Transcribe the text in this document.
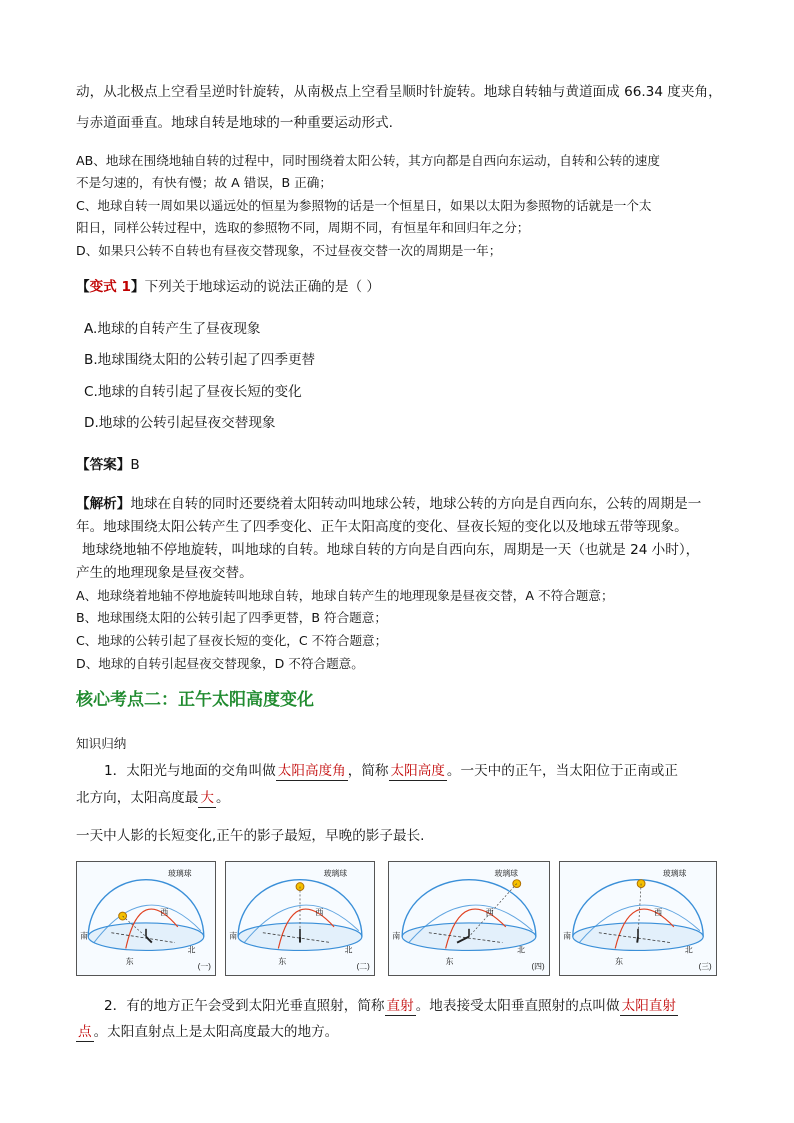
动，从北极点上空看呈逆时针旋转，从南极点上空看呈顺时针旋转。地球自转轴与黄道面成 66.34 度夹角，
与赤道面垂直。地球自转是地球的一种重要运动形式.
AB、地球在围绕地轴自转的过程中，同时围绕着太阳公转，其方向都是自西向东运动，自转和公转的速度
不是匀速的，有快有慢；故 A 错误，B 正确；
C、地球自转一周如果以遥远处的恒星为参照物的话是一个恒星日，如果以太阳为参照物的话就是一个太
阳日，同样公转过程中，选取的参照物不同，周期不同，有恒星年和回归年之分；
D、如果只公转不自转也有昼夜交替现象，不过昼夜交替一次的周期是一年；
【变式 1】下列关于地球运动的说法正确的是（ ）
A.地球的自转产生了昼夜现象
B.地球围绕太阳的公转引起了四季更替
C.地球的自转引起了昼夜长短的变化
D.地球的公转引起昼夜交替现象
【答案】B
【解析】地球在自转的同时还要绕着太阳转动叫地球公转，地球公转的方向是自西向东，公转的周期是一
年。地球围绕太阳公转产生了四季变化、正午太阳高度的变化、昼夜长短的变化以及地球五带等现象。
地球绕地轴不停地旋转，叫地球的自转。地球自转的方向是自西向东，周期是一天（也就是 24 小时），
产生的地理现象是昼夜交替。
A、地球绕着地轴不停地旋转叫地球自转，地球自转产生的地理现象是昼夜交替，A 不符合题意；
B、地球围绕太阳的公转引起了四季更替，B 符合题意；
C、地球的公转引起了昼夜长短的变化，C 不符合题意；
D、地球的自转引起昼夜交替现象，D 不符合题意。
核心考点二：正午太阳高度变化
知识归纳
1．太阳光与地面的交角叫做 太阳高度角 ，简称 太阳高度 。一天中的正午，当太阳位于正南或正
北方向，太阳高度最 大 。
一天中人影的长短变化,正午的影子最短，早晚的影子最长.
玻璃球
西
南
东
北
(一)
玻璃球
西
南
东
北
(二)
玻璃球
西
南
东
北
(四)
玻璃球
西
南
东
北
(三)
2．有的地方正午会受到太阳光垂直照射，简称 直射 。地表接受太阳垂直照射的点叫做 太阳直射
点 。太阳直射点上是太阳高度最大的地方。
